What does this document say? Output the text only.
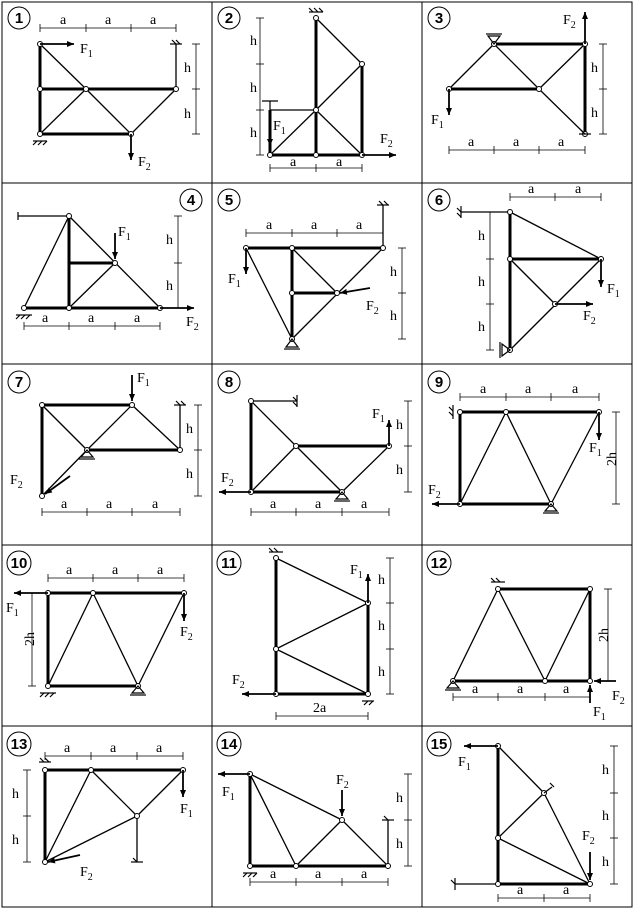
1	2	3
4 5	6
7	8	9
10	11	12
13	14	15
$F_1$
$F_2$
a	a	a
h
h
$F_1$
$F_2$
h
h
h
a	a
$F_2$
$F_1$
a	a	a
h
h
$F_1$
$F_2$
a	a	a
h
h	$F_1$
$F_2$
a	a	a
h
h
$F_1$
$F_2$
a	a
h
h
h
$F_1$
$F_2$
a	a	a
h
h
$F_1$
$F_2$
a	a	a
h
h
$F_1$
$F_2$
a	a	a
2h
$F_1$
$F_2$
a	a	a
2h
$F_1$
$F_2$
2a
h
h
h
$F_2$
$F_1$
a	a	a
2h
$F_1$
$F_2$
a	a	a
h
h
$F_1$
$F_2$
a	a	a
h
h
$F_1$
$F_2$
a	a
h
h
h
